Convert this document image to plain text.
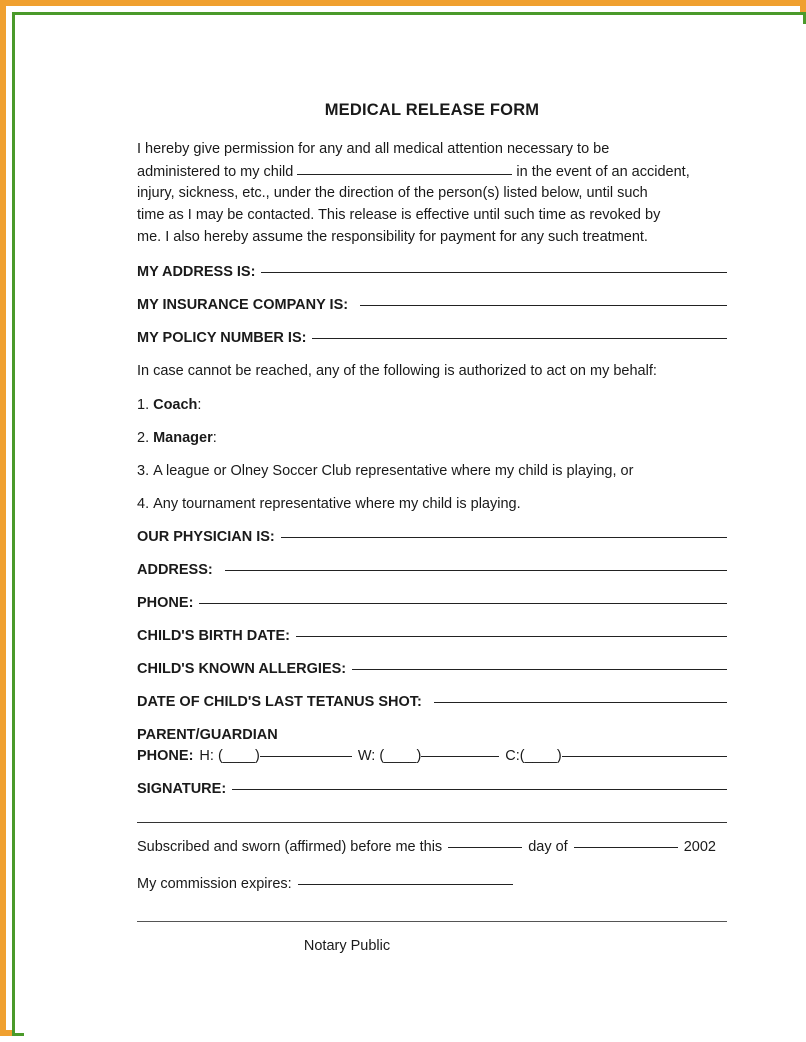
MEDICAL RELEASE FORM
I hereby give permission for any and all medical attention necessary to be
administered to my child	in the event of an accident,
injury, sickness, etc., under the direction of the person(s) listed below, until such
time as I may be contacted. This release is effective until such time as revoked by
me. I also hereby assume the responsibility for payment for any such treatment.
MY ADDRESS IS:
MY INSURANCE COMPANY IS:
MY POLICY NUMBER IS:
In case cannot be reached, any of the following is authorized to act on my behalf:
1. Coach :
2. Manager :
3. A league or Olney Soccer Club representative where my child is playing, or
4. Any tournament representative where my child is playing.
OUR PHYSICIAN IS:
ADDRESS:
PHONE:
CHILD'S BIRTH DATE:
CHILD'S KNOWN ALLERGIES:
DATE OF CHILD'S LAST TETANUS SHOT:
PARENT/GUARDIAN
PHONE : H: (____)	W: (____)	C:(____)
SIGNATURE:
Subscribed and sworn (affirmed) before me this	day of	2002
My commission expires:
Notary Public
